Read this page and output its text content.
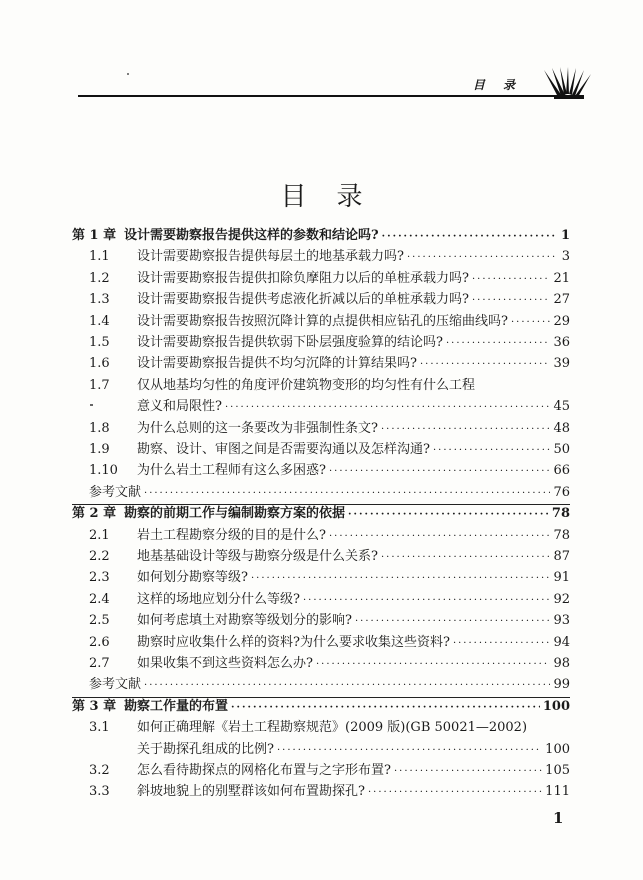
目 录
目录
第 1 章 设计需要勘察报告提供这样的参数和结论吗? ·····	1
1.1	设计需要勘察报告提供每层土的地基承载力吗? ·····	3
1.2	设计需要勘察报告提供扣除负摩阻力以后的单桩承载力吗? ·····	21
1.3	设计需要勘察报告提供考虑液化折减以后的单桩承载力吗? ·····	27
1.4	设计需要勘察报告按照沉降计算的点提供相应钻孔的压缩曲线吗? ·····	29
1.5	设计需要勘察报告提供软弱下卧层强度验算的结论吗? ·····	36
1.6	设计需要勘察报告提供不均匀沉降的计算结果吗? ·····	39
1.7	仅从地基均匀性的角度评价建筑物变形的均匀性有什么工程
意义和局限性? ·····	45
1.8	为什么总则的这一条要改为非强制性条文? ·····	48
1.9	勘察、设计、审图之间是否需要沟通以及怎样沟通? ·····	50
1.10	为什么岩土工程师有这么多困惑? ·····	66
参考文献 ·····	76
第 2 章 勘察的前期工作与编制勘察方案的依据 ·····	78
2.1	岩土工程勘察分级的目的是什么? ·····	78
2.2	地基基础设计等级与勘察分级是什么关系? ·····	87
2.3	如何划分勘察等级? ·····	91
2.4	这样的场地应划分什么等级? ·····	92
2.5	如何考虑填土对勘察等级划分的影响? ·····	93
2.6	勘察时应收集什么样的资料?为什么要求收集这些资料? ·····	94
2.7	如果收集不到这些资料怎么办? ·····	98
参考文献 ·····	99
第 3 章 勘察工作量的布置 ·····	100
3.1	如何正确理解《岩土工程勘察规范》(2009 版)(GB 50021—2002)
关于勘探孔组成的比例? ·····	100
3.2	怎么看待勘探点的网格化布置与之字形布置? ·····	105
3.3	斜坡地貌上的别墅群该如何布置勘探孔? ·····	111
1
